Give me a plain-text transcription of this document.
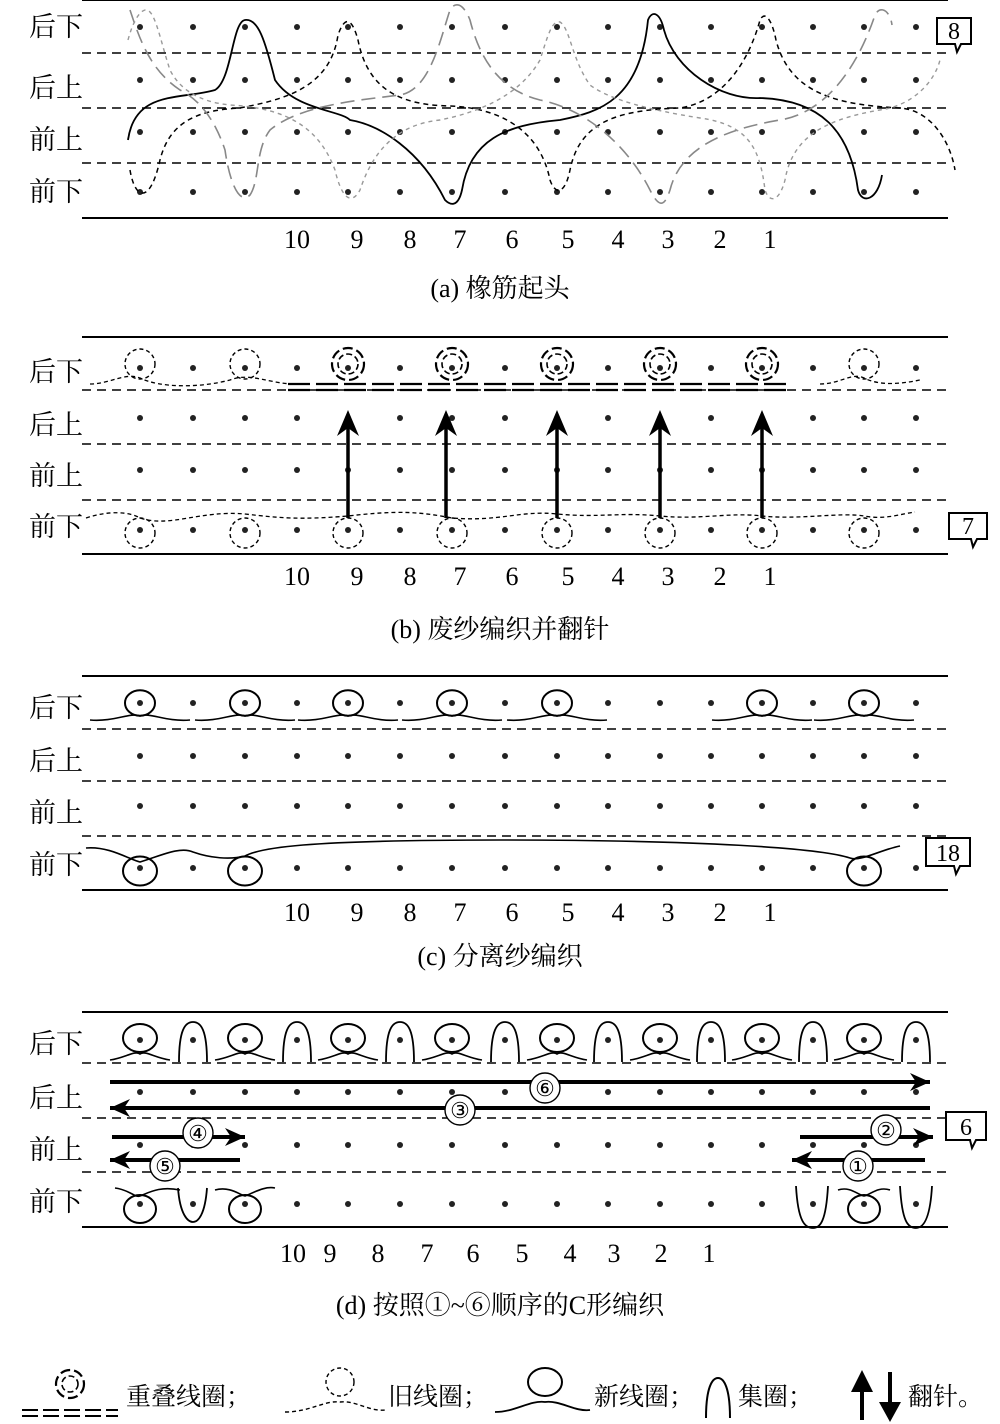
后下
后上
前上
前下
10 9 8 7 6 5 4 3 2 1
(a) 橡筋起头
8
后下
后上
前上
前下
10 9 8 7 6 5 4 3 2 1
(b) 废纱编织并翻针
7
后下
后上
前上
前下
10 9 8 7 6 5 4 3 2 1
(c) 分离纱编织
18
后下
后上
前上
前下
10 9 8 7 6 5 4 3 2 1
(d) 按照①~⑥顺序的C形编织
6
⑥
③
④	②
⑤	①
重叠线圈；	旧线圈；	新线圈； 集圈；	翻针。
